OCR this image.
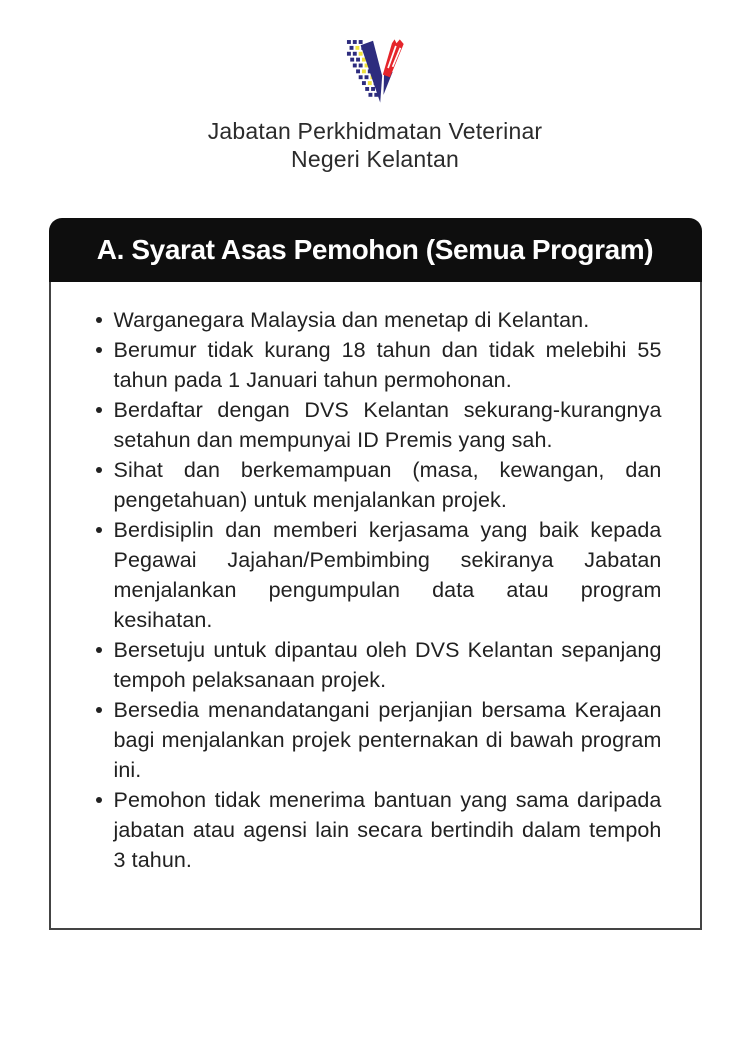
Jabatan Perkhidmatan Veterinar
Negeri Kelantan
A. Syarat Asas Pemohon (Semua Program)
Warganegara Malaysia dan menetap di Kelantan.
Berumur tidak kurang 18 tahun dan tidak melebihi 55 tahun pada 1 Januari tahun permohonan.
Berdaftar dengan DVS Kelantan sekurang-kurangnya setahun dan mempunyai ID Premis yang sah.
Sihat dan berkemampuan (masa, kewangan, dan pengetahuan) untuk menjalankan projek.
Berdisiplin dan memberi kerjasama yang baik kepada Pegawai Jajahan/Pembimbing sekiranya Jabatan menjalankan pengumpulan data atau program kesihatan.
Bersetuju untuk dipantau oleh DVS Kelantan sepanjang tempoh pelaksanaan projek.
Bersedia menandatangani perjanjian bersama Kerajaan bagi menjalankan projek penternakan di bawah program ini.
Pemohon tidak menerima bantuan yang sama daripada jabatan atau agensi lain secara bertindih dalam tempoh 3 tahun.
